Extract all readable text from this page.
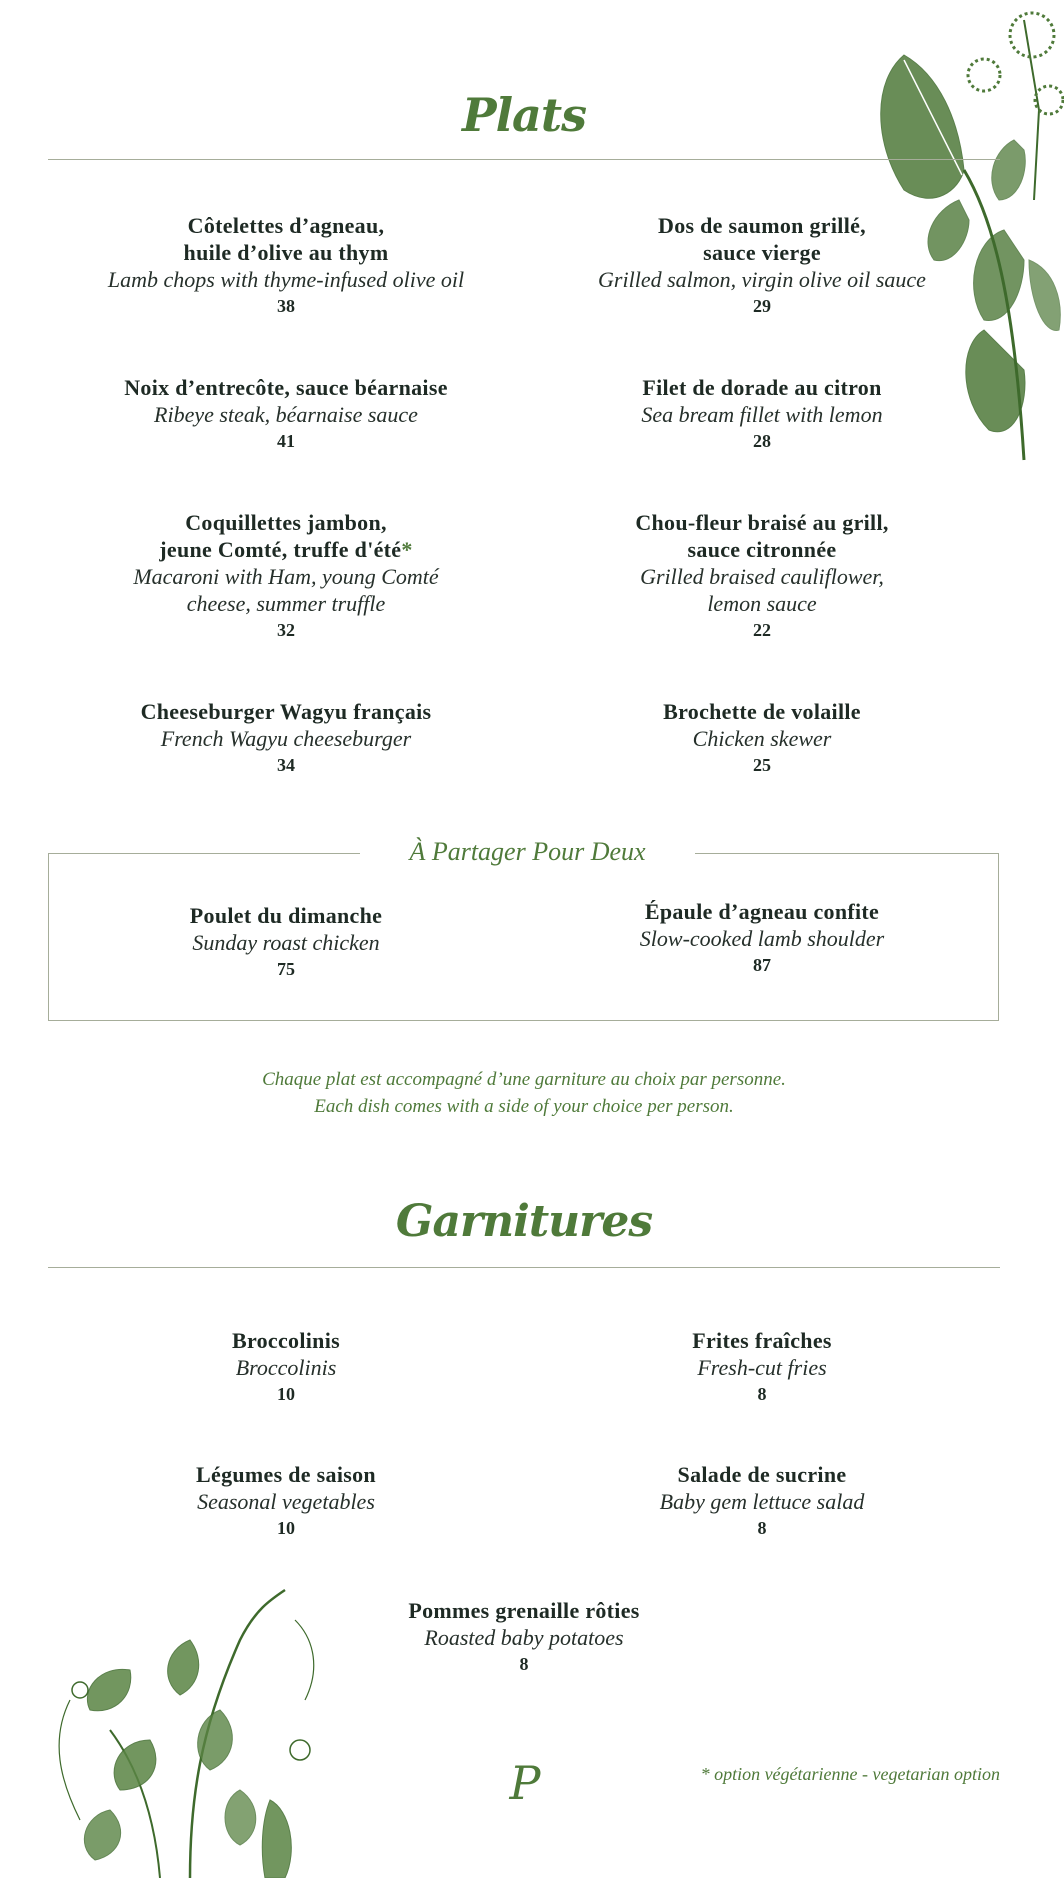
Plats
Côtelettes d’agneau,
huile d’olive au thym
Lamb chops with thyme-infused olive oil
38
Dos de saumon grillé,
sauce vierge
Grilled salmon, virgin olive oil sauce
29
Noix d’entrecôte, sauce béarnaise
Ribeye steak, béarnaise sauce
41
Filet de dorade au citron
Sea bream fillet with lemon
28
Coquillettes jambon,
jeune Comté, truffe d'été*
Macaroni with Ham, young Comté
cheese, summer truffle
32
Chou-fleur braisé au grill,
sauce citronnée
Grilled braised cauliflower,
lemon sauce
22
Cheeseburger Wagyu français
French Wagyu cheeseburger
34
Brochette de volaille
Chicken skewer
25
À Partager Pour Deux
Poulet du dimanche
Sunday roast chicken
75
Épaule d’agneau confite
Slow-cooked lamb shoulder
87
Chaque plat est accompagné d’une garniture au choix par personne.
Each dish comes with a side of your choice per person.
Garnitures
Broccolinis
Broccolinis
10
Frites fraîches
Fresh-cut fries
8
Légumes de saison
Seasonal vegetables
10
Salade de sucrine
Baby gem lettuce salad
8
Pommes grenaille rôties
Roasted baby potatoes
8
P	* option végétarienne - vegetarian option
